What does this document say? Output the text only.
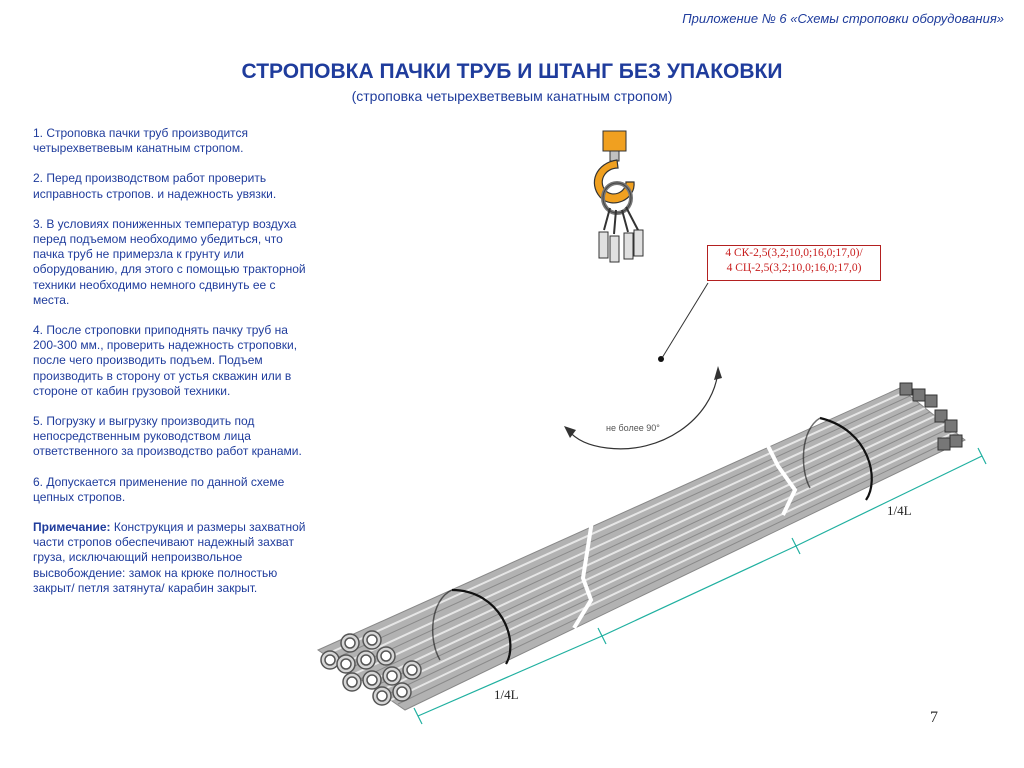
Приложение № 6 «Схемы строповки оборудования»
СТРОПОВКА ПАЧКИ ТРУБ И ШТАНГ БЕЗ УПАКОВКИ
(строповка четырехветвевым канатным стропом)

1. Строповка пачки труб производится четырехветвевым канатным стропом.

2. Перед производством работ проверить исправность стропов. и надежность увязки.

3. В условиях пониженных температур воздуха перед подъемом необходимо убедиться, что пачка труб не примерзла к грунту или оборудованию, для этого с помощью тракторной техники необходимо немного сдвинуть ее с места.

4. После строповки приподнять пачку труб на 200-300 мм., проверить надежность строповки, после чего производить подъем. Подъем производить в сторону от устья скважин или в стороне от кабин грузовой техники.

5. Погрузку и выгрузку производить под непосредственным руководством лица ответственного за производство работ кранами.

6. Допускается применение по данной схеме цепных стропов.

Примечание: Конструкция и размеры захватной части стропов обеспечивают надежный захват груза, исключающий непроизвольное высвобождение: замок на крюке полностью закрыт/ петля затянута/ карабин закрыт.

4 СК-2,5(3,2;10,0;16,0;17,0)/
4 СЦ-2,5(3,2;10,0;16,0;17,0)
не более 90°
1/4L
1/4L
7
